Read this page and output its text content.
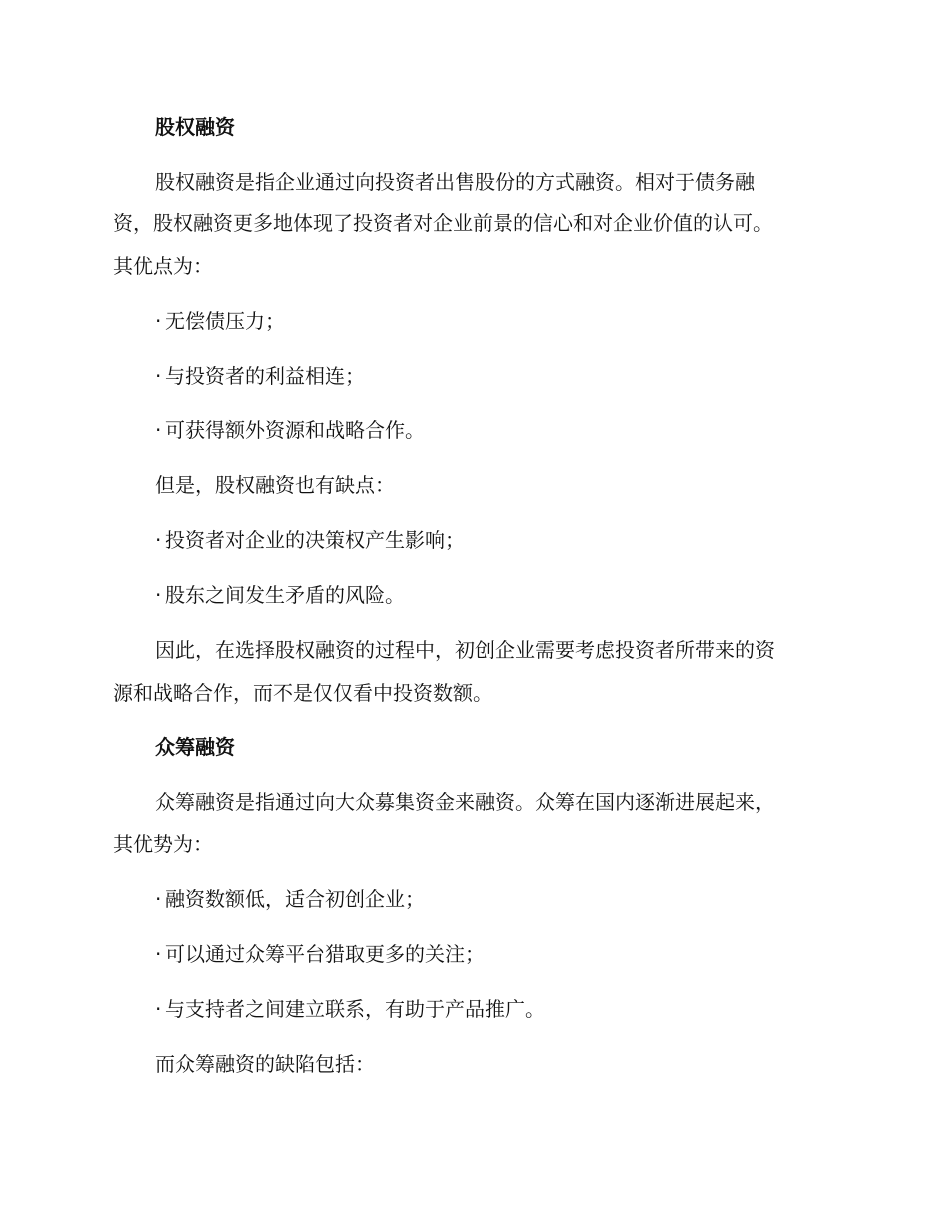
股权融资

股权融资是指企业通过向投资者出售股份的方式融资。相对于债务融

资，股权融资更多地体现了投资者对企业前景的信心和对企业价值的认可。

其优点为：

· 无偿债压力；

· 与投资者的利益相连；

· 可获得额外资源和战略合作。

但是，股权融资也有缺点：

· 投资者对企业的决策权产生影响；

· 股东之间发生矛盾的风险。

因此，在选择股权融资的过程中，初创企业需要考虑投资者所带来的资

源和战略合作，而不是仅仅看中投资数额。

众筹融资

众筹融资是指通过向大众募集资金来融资。众筹在国内逐渐进展起来，

其优势为：

· 融资数额低，适合初创企业；

· 可以通过众筹平台猎取更多的关注；

· 与支持者之间建立联系，有助于产品推广。

而众筹融资的缺陷包括：
